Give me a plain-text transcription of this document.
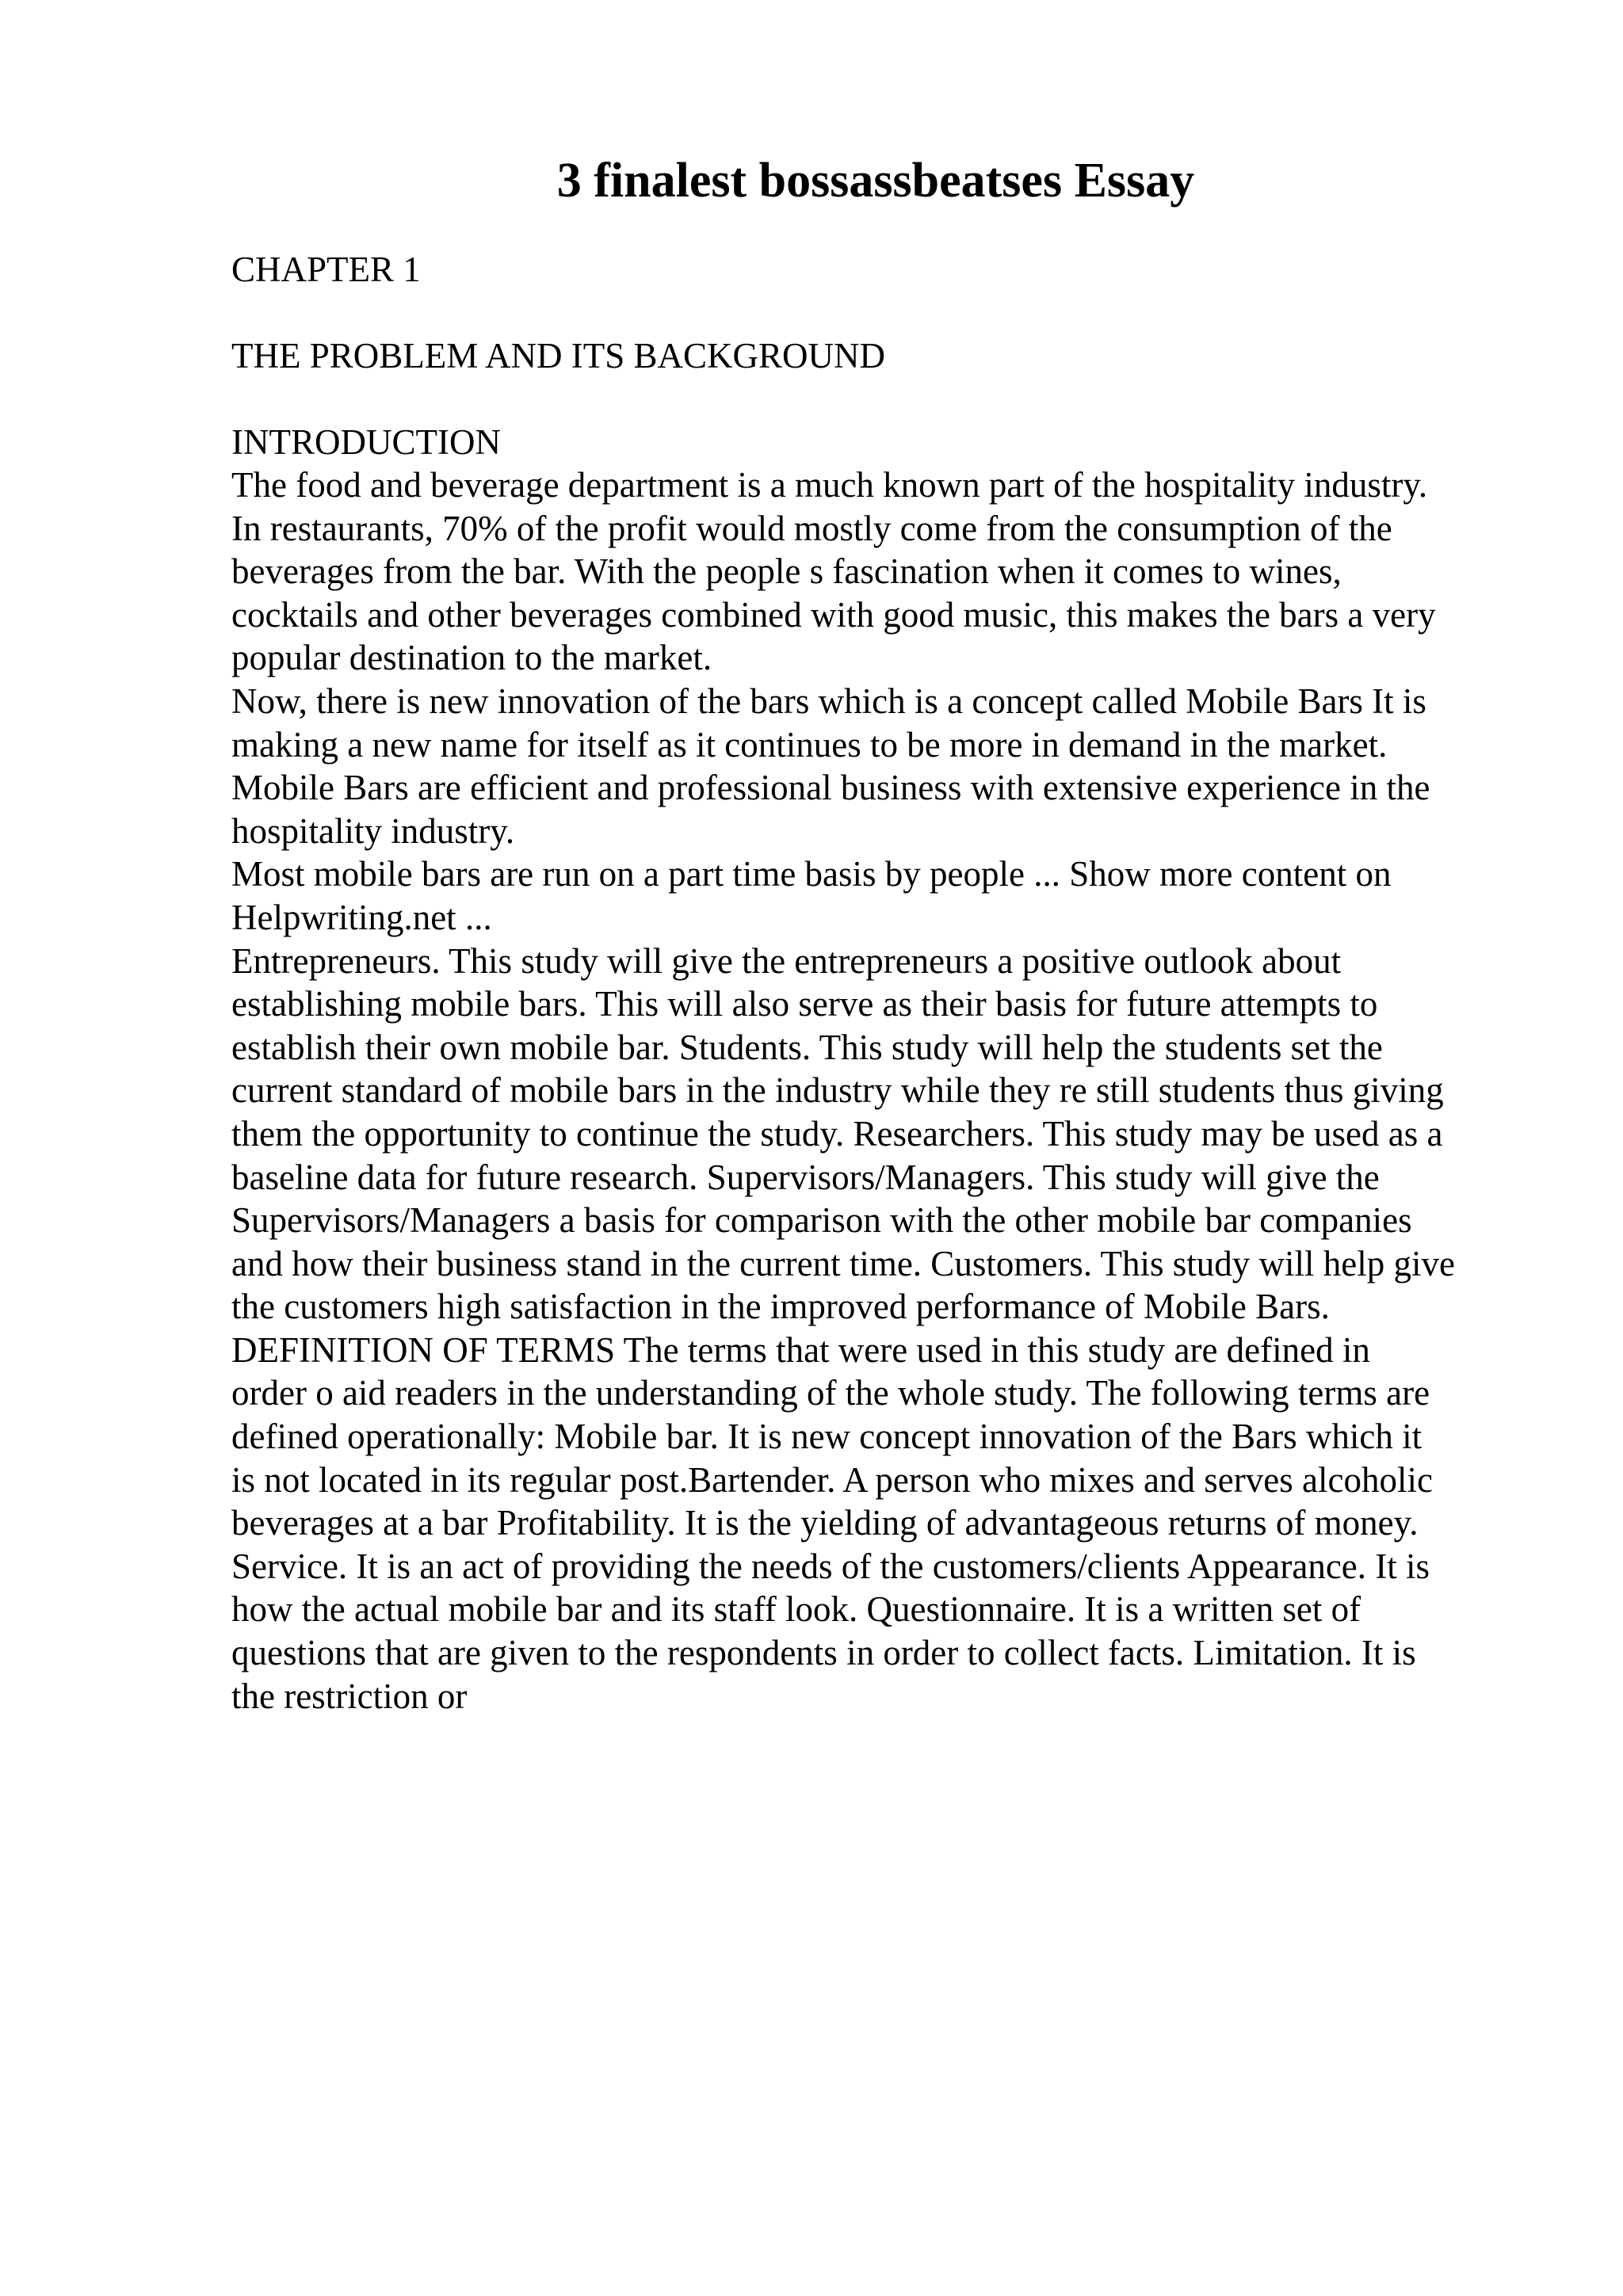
3 finalest bossassbeatses Essay

CHAPTER 1

THE PROBLEM AND ITS BACKGROUND

INTRODUCTION

The food and beverage department is a much known part of the hospitality industry.
In restaurants, 70% of the profit would mostly come from the consumption of the
beverages from the bar. With the people s fascination when it comes to wines,
cocktails and other beverages combined with good music, this makes the bars a very
popular destination to the market.
Now, there is new innovation of the bars which is a concept called Mobile Bars It is
making a new name for itself as it continues to be more in demand in the market.
Mobile Bars are efficient and professional business with extensive experience in the
hospitality industry.
Most mobile bars are run on a part time basis by people ... Show more content on
Helpwriting.net ...
Entrepreneurs. This study will give the entrepreneurs a positive outlook about
establishing mobile bars. This will also serve as their basis for future attempts to
establish their own mobile bar. Students. This study will help the students set the
current standard of mobile bars in the industry while they re still students thus giving
them the opportunity to continue the study. Researchers. This study may be used as a
baseline data for future research. Supervisors/Managers. This study will give the
Supervisors/Managers a basis for comparison with the other mobile bar companies
and how their business stand in the current time. Customers. This study will help give
the customers high satisfaction in the improved performance of Mobile Bars.
DEFINITION OF TERMS The terms that were used in this study are defined in
order o aid readers in the understanding of the whole study. The following terms are
defined operationally: Mobile bar. It is new concept innovation of the Bars which it
is not located in its regular post.Bartender. A person who mixes and serves alcoholic
beverages at a bar Profitability. It is the yielding of advantageous returns of money.
Service. It is an act of providing the needs of the customers/clients Appearance. It is
how the actual mobile bar and its staff look. Questionnaire. It is a written set of
questions that are given to the respondents in order to collect facts. Limitation. It is
the restriction or
